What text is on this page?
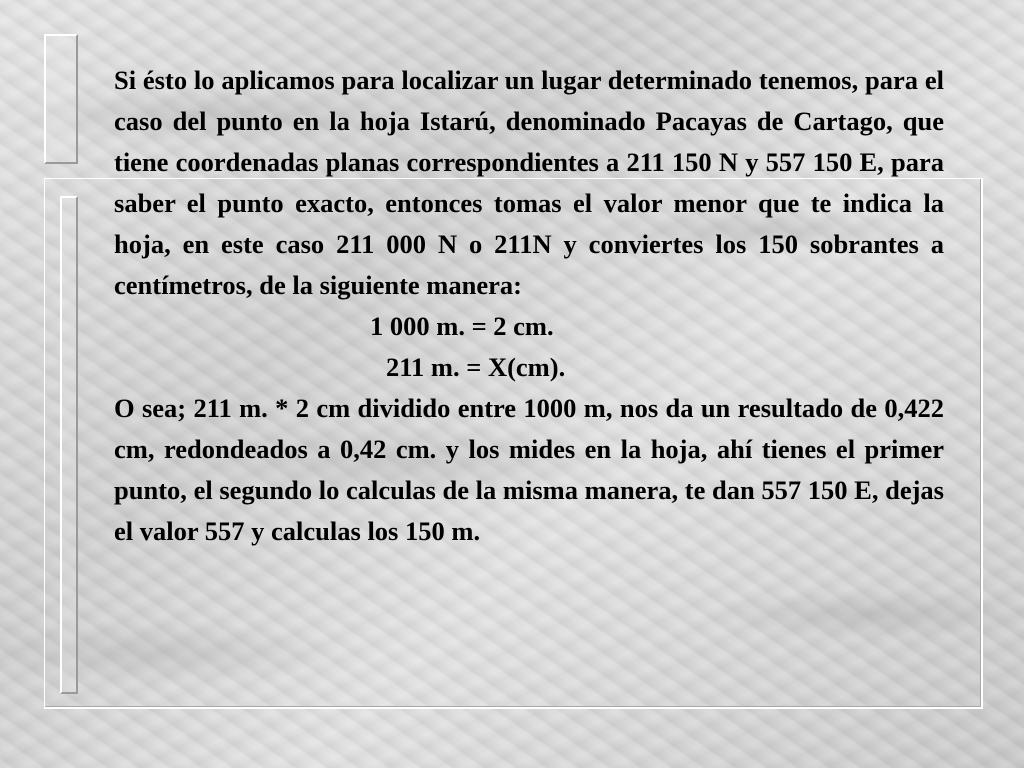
Si ésto lo aplicamos para localizar un lugar determinado tenemos, para el caso del punto en la hoja Istarú, denominado Pacayas de Cartago, que tiene coordenadas planas correspondientes a 211 150 N y 557 150 E, para saber el punto exacto, entonces tomas el valor menor que te indica la hoja, en este caso 211 000 N o 211N y conviertes los 150 sobrantes a centímetros, de la siguiente manera:

1 000 m. = 2 cm.

211 m. = X(cm).

O sea; 211 m. * 2 cm dividido entre 1000 m, nos da un resultado de 0,422 cm, redondeados a 0,42 cm. y los mides en la hoja, ahí tienes el primer punto, el segundo lo calculas de la misma manera, te dan 557 150 E, dejas el valor 557 y calculas los 150 m.
